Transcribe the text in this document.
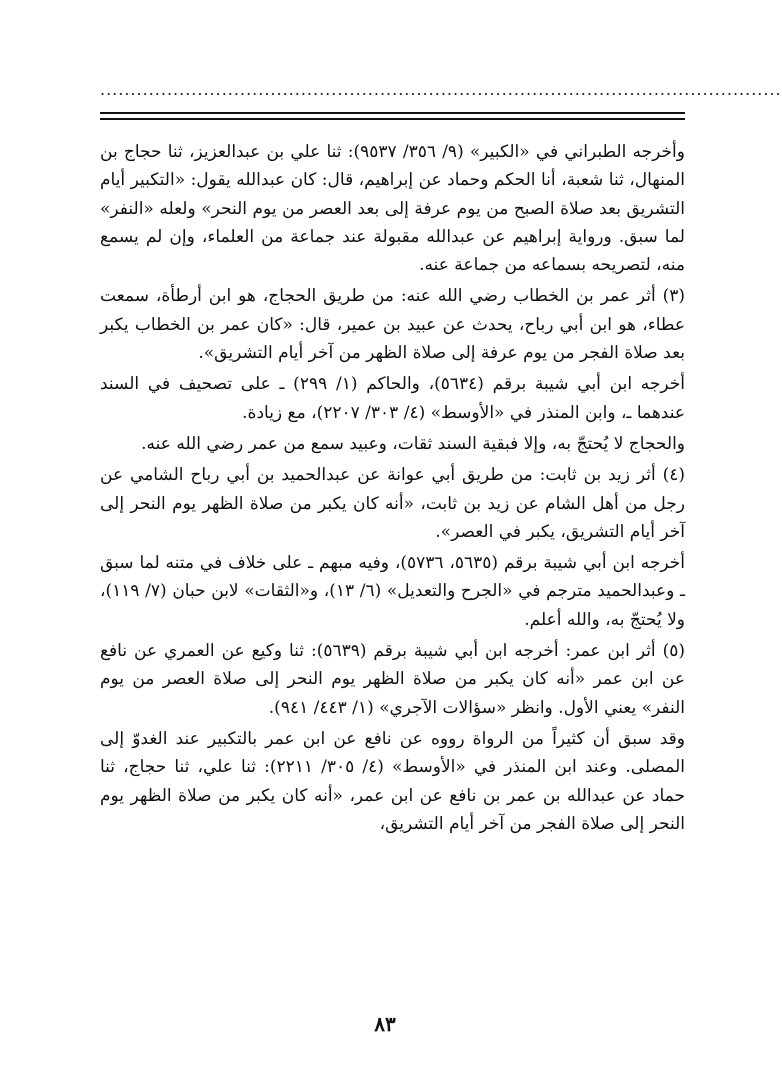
................................................................................................................

وأخرجه الطبراني في «الكبير» (٩/ ٣٥٦/ ٩٥٣٧): ثنا علي بن عبدالعزيز، ثنا حجاج بن المنهال، ثنا شعبة، أنا الحكم وحماد عن إبراهيم، قال: كان عبدالله يقول: «التكبير أيام التشريق بعد صلاة الصبح من يوم عرفة إلى بعد العصر من يوم النحر» ولعله «النفر» لما سبق. ورواية إبراهيم عن عبدالله مقبولة عند جماعة من العلماء، وإن لم يسمع منه، لتصريحه بسماعه من جماعة عنه.

(٣) أثر عمر بن الخطاب رضي الله عنه: من طريق الحجاج، هو ابن أرطأة، سمعت عطاء، هو ابن أبي رباح، يحدث عن عبيد بن عمير، قال: «كان عمر بن الخطاب يكبر بعد صلاة الفجر من يوم عرفة إلى صلاة الظهر من آخر أيام التشريق».

أخرجه ابن أبي شيبة برقم (٥٦٣٤)، والحاكم (١/ ٢٩٩) ـ على تصحيف في السند عندهما ـ، وابن المنذر في «الأوسط» (٤/ ٣٠٣/ ٢٢٠٧)، مع زيادة.

والحجاج لا يُحتجّ به، وإلا فبقية السند ثقات، وعبيد سمع من عمر رضي الله عنه.

(٤) أثر زيد بن ثابت: من طريق أبي عوانة عن عبدالحميد بن أبي رباح الشامي عن رجل من أهل الشام عن زيد بن ثابت، «أنه كان يكبر من صلاة الظهر يوم النحر إلى آخر أيام التشريق، يكبر في العصر».

أخرجه ابن أبي شيبة برقم (٥٦٣٥، ٥٧٣٦)، وفيه مبهم ـ على خلاف في متنه لما سبق ـ وعبدالحميد مترجم في «الجرح والتعديل» (٦/ ١٣)، و«الثقات» لابن حبان (٧/ ١١٩)، ولا يُحتجّ به، والله أعلم.

(٥) أثر ابن عمر: أخرجه ابن أبي شيبة برقم (٥٦٣٩): ثنا وكيع عن العمري عن نافع عن ابن عمر «أنه كان يكبر من صلاة الظهر يوم النحر إلى صلاة العصر من يوم النفر» يعني الأول. وانظر «سؤالات الآجري» (١/ ٤٤٣/ ٩٤١).

وقد سبق أن كثيراً من الرواة رووه عن نافع عن ابن عمر بالتكبير عند الغدوّ إلى المصلى. وعند ابن المنذر في «الأوسط» (٤/ ٣٠٥/ ٢٢١١): ثنا علي، ثنا حجاج، ثنا حماد عن عبدالله بن عمر بن نافع عن ابن عمر، «أنه كان يكبر من صلاة الظهر يوم النحر إلى صلاة الفجر من آخر أيام التشريق،

٨٣
